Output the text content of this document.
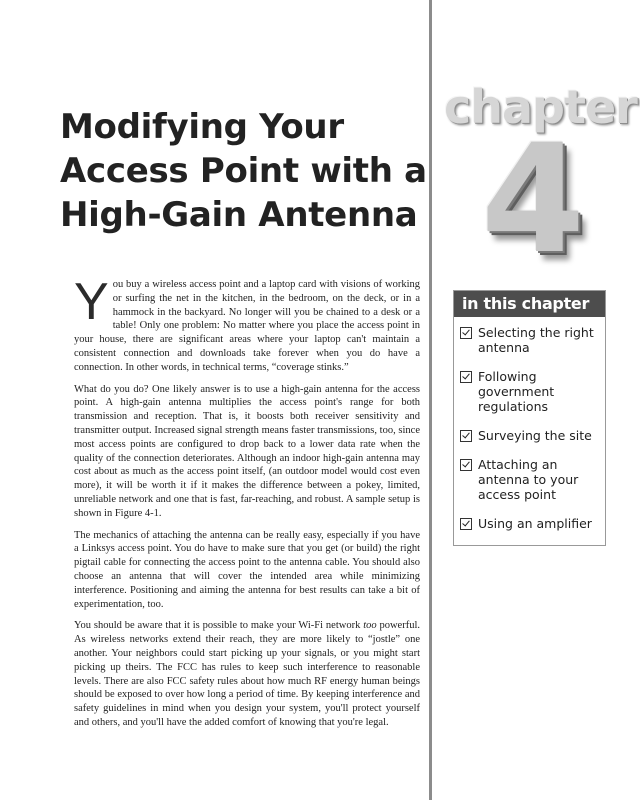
Modifying Your
Access Point with a
High-Gain Antenna
chapter
4
in this chapter
Selecting the right antenna
Following government regulations
Surveying the site
Attaching an antenna to your access point
Using an amplifier

You buy a wireless access point and a laptop card with visions of working or surfing the net in the kitchen, in the bedroom, on the deck, or in a hammock in the backyard. No longer will you be chained to a desk or a table! Only one problem: No matter where you place the access point in your house, there are significant areas where your laptop can't maintain a consistent connection and downloads take forever when you do have a connection. In other words, in technical terms, “coverage stinks.”

What do you do? One likely answer is to use a high-gain antenna for the access point. A high-gain antenna multiplies the access point's range for both transmission and reception. That is, it boosts both receiver sensitivity and transmitter output. Increased signal strength means faster transmissions, too, since most access points are configured to drop back to a lower data rate when the quality of the connection deteriorates. Although an indoor high-gain antenna may cost about as much as the access point itself, (an outdoor model would cost even more), it will be worth it if it makes the difference between a pokey, limited, unreliable network and one that is fast, far-reaching, and robust. A sample setup is shown in Figure 4-1.

The mechanics of attaching the antenna can be really easy, especially if you have a Linksys access point. You do have to make sure that you get (or build) the right pigtail cable for connecting the access point to the antenna cable. You should also choose an antenna that will cover the intended area while minimizing interference. Positioning and aiming the antenna for best results can take a bit of experimentation, too.

You should be aware that it is possible to make your Wi-Fi network too powerful. As wireless networks extend their reach, they are more likely to “jostle” one another. Your neighbors could start picking up your signals, or you might start picking up theirs. The FCC has rules to keep such interference to reasonable levels. There are also FCC safety rules about how much RF energy human beings should be exposed to over how long a period of time. By keeping interference and safety guidelines in mind when you design your system, you'll protect yourself and others, and you'll have the added comfort of knowing that you're legal.
